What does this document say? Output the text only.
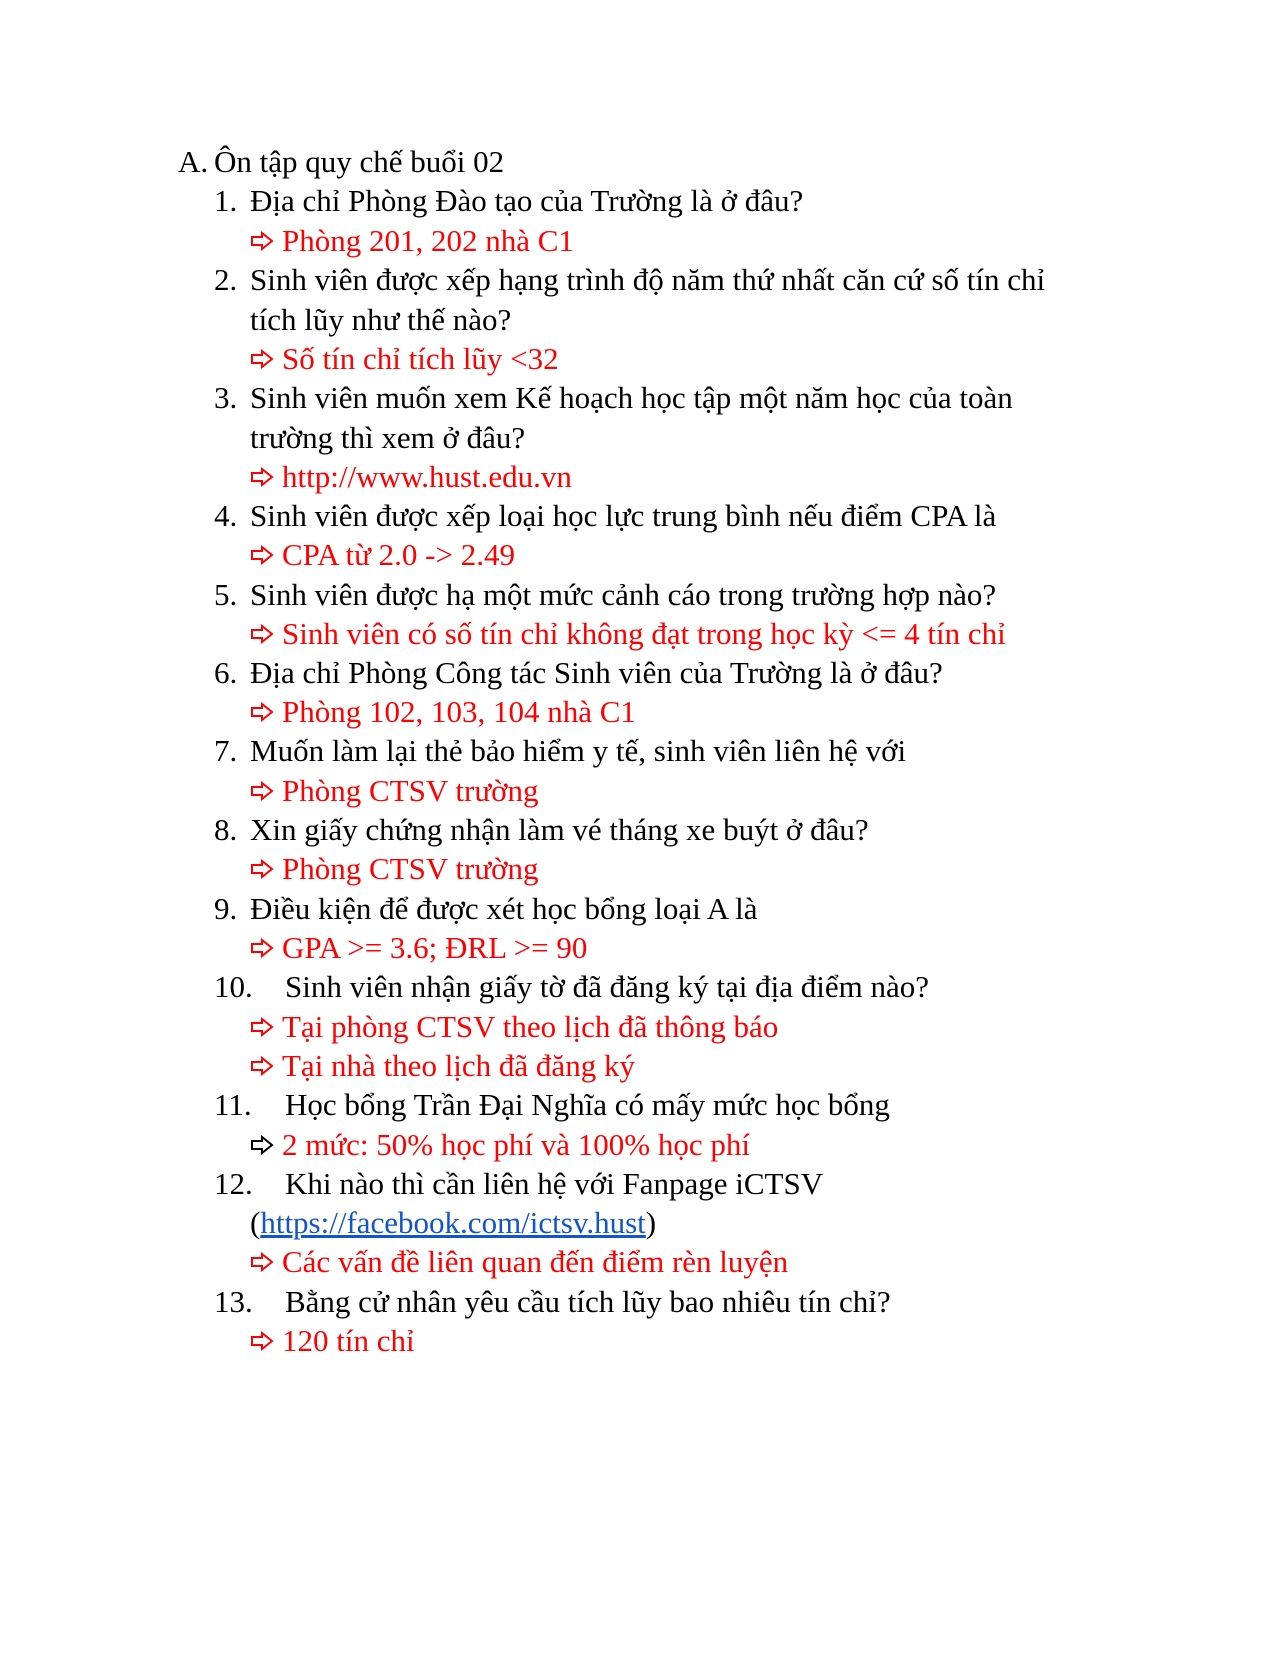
A. Ôn tập quy chế buổi 02
1. Địa chỉ Phòng Đào tạo của Trường là ở đâu?
Phòng 201, 202 nhà C1
2. Sinh viên được xếp hạng trình độ năm thứ nhất căn cứ số tín chỉ
tích lũy như thế nào?
Số tín chỉ tích lũy <32
3. Sinh viên muốn xem Kế hoạch học tập một năm học của toàn
trường thì xem ở đâu?
http://www.hust.edu.vn
4. Sinh viên được xếp loại học lực trung bình nếu điểm CPA là
CPA từ 2.0 -> 2.49
5. Sinh viên được hạ một mức cảnh cáo trong trường hợp nào?
Sinh viên có số tín chỉ không đạt trong học kỳ <= 4 tín chỉ
6. Địa chỉ Phòng Công tác Sinh viên của Trường là ở đâu?
Phòng 102, 103, 104 nhà C1
7. Muốn làm lại thẻ bảo hiểm y tế, sinh viên liên hệ với
Phòng CTSV trường
8. Xin giấy chứng nhận làm vé tháng xe buýt ở đâu?
Phòng CTSV trường
9. Điều kiện để được xét học bổng loại A là
GPA >= 3.6; ĐRL >= 90
10. Sinh viên nhận giấy tờ đã đăng ký tại địa điểm nào?
Tại phòng CTSV theo lịch đã thông báo
Tại nhà theo lịch đã đăng ký
11. Học bổng Trần Đại Nghĩa có mấy mức học bổng
2 mức: 50% học phí và 100% học phí
12. Khi nào thì cần liên hệ với Fanpage iCTSV
(https://facebook.com/ictsv.hust)
Các vấn đề liên quan đến điểm rèn luyện
13. Bằng cử nhân yêu cầu tích lũy bao nhiêu tín chỉ?
120 tín chỉ
